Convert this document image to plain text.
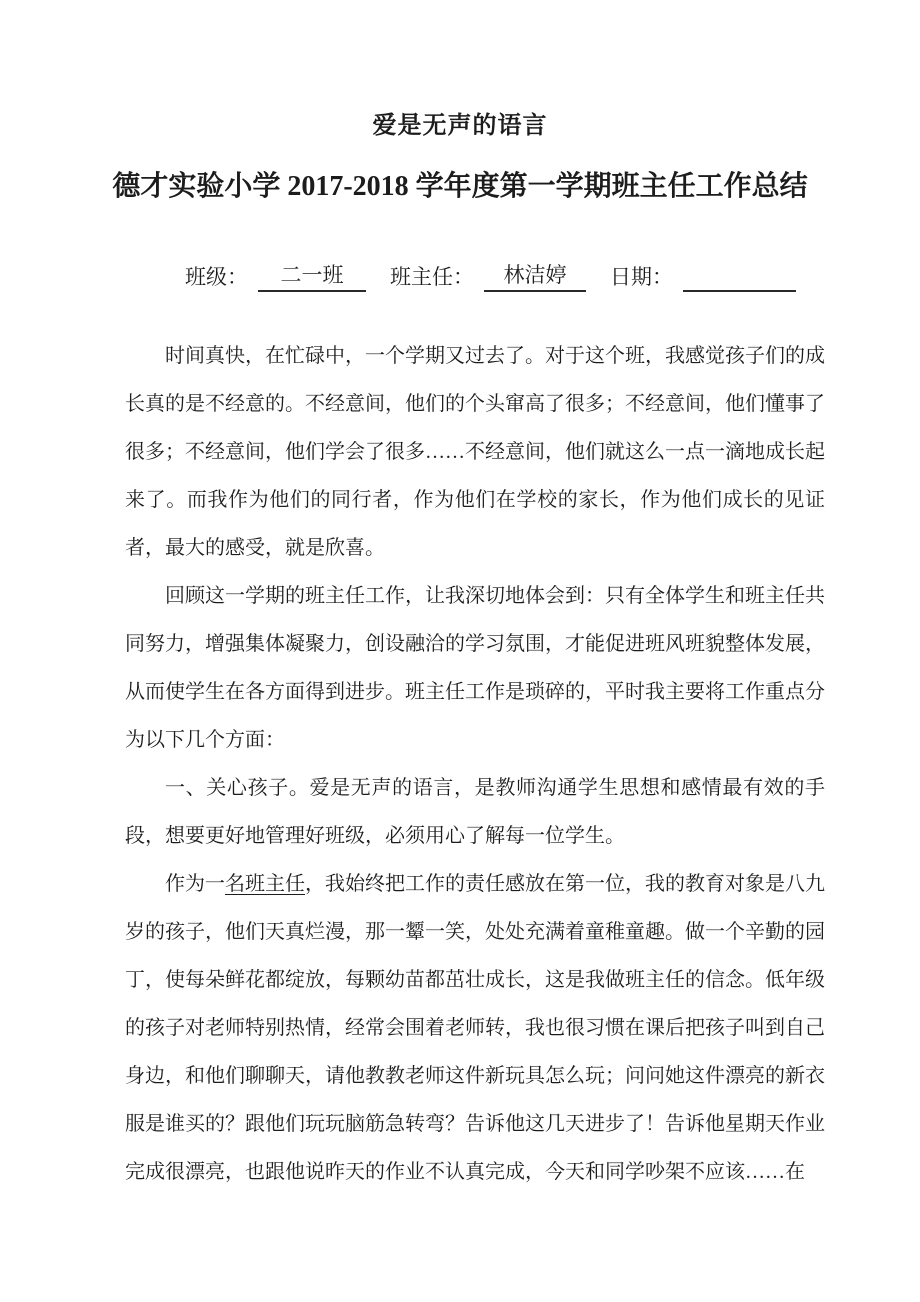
爱是无声的语言
德才实验小学 2017-2018 学年度第一学期班主任工作总结
班级：	二一班	班主任：	林洁婷	日期：

时间真快，在忙碌中，一个学期又过去了。对于这个班，我感觉孩子们的成长真的是不经意的。不经意间，他们的个头窜高了很多；不经意间，他们懂事了很多；不经意间，他们学会了很多……不经意间，他们就这么一点一滴地成长起来了。而我作为他们的同行者，作为他们在学校的家长，作为他们成长的见证者，最大的感受，就是欣喜。

回顾这一学期的班主任工作，让我深切地体会到：只有全体学生和班主任共同努力，增强集体凝聚力，创设融洽的学习氛围，才能促进班风班貌整体发展，从而使学生在各方面得到进步。班主任工作是琐碎的，平时我主要将工作重点分为以下几个方面：

一、关心孩子。爱是无声的语言，是教师沟通学生思想和感情最有效的手段，想要更好地管理好班级，必须用心了解每一位学生。

作为一名班主任，我始终把工作的责任感放在第一位，我的教育对象是八九岁的孩子，他们天真烂漫，那一颦一笑，处处充满着童稚童趣。做一个辛勤的园丁，使每朵鲜花都绽放，每颗幼苗都茁壮成长，这是我做班主任的信念。低年级的孩子对老师特别热情，经常会围着老师转，我也很习惯在课后把孩子叫到自己身边，和他们聊聊天，请他教教老师这件新玩具怎么玩；问问她这件漂亮的新衣服是谁买的？跟他们玩玩脑筋急转弯？告诉他这几天进步了！告诉他星期天作业完成很漂亮，也跟他说昨天的作业不认真完成，今天和同学吵架不应该……在
